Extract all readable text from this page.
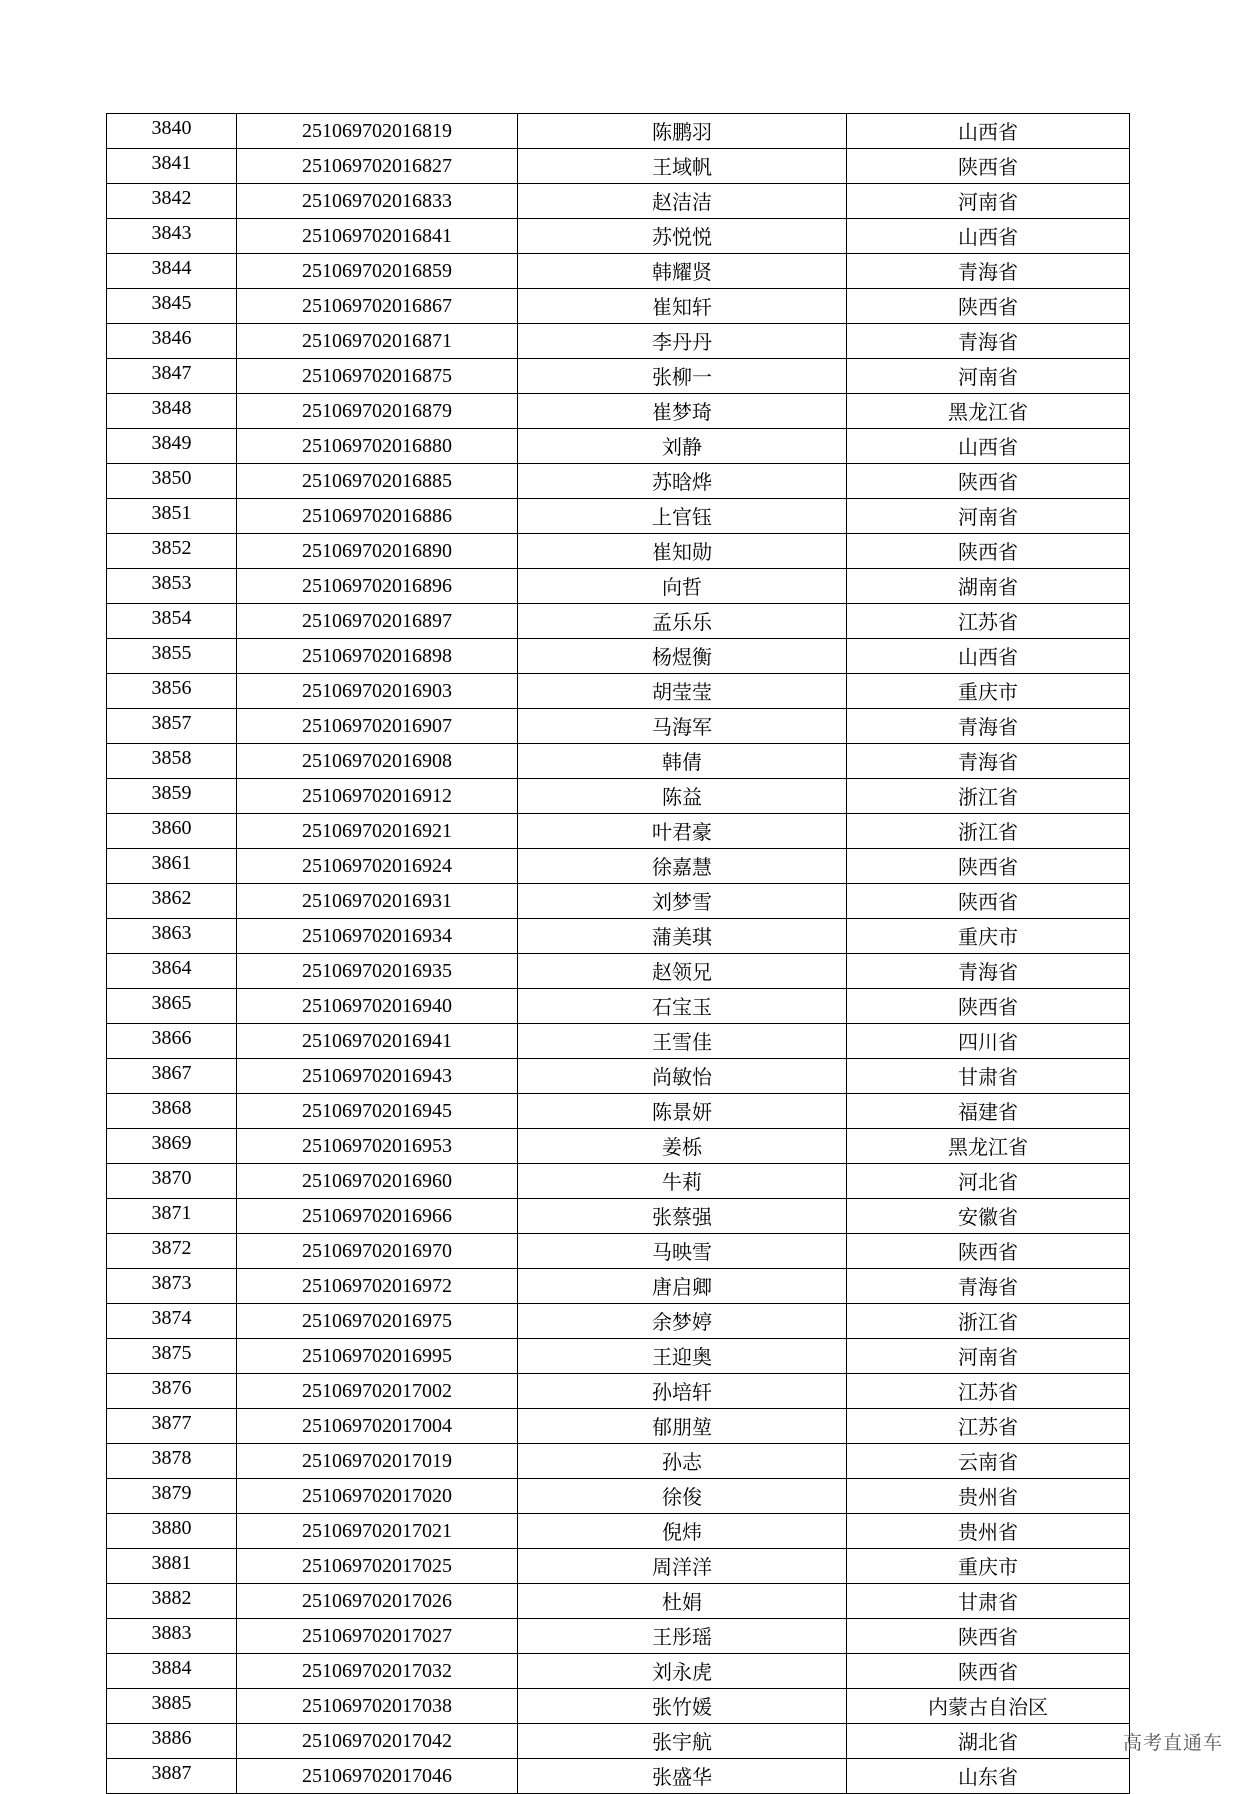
3840	251069702016819	陈鹏羽	山西省
3841	251069702016827	王域帆	陕西省
3842	251069702016833	赵洁洁	河南省
3843	251069702016841	苏悦悦	山西省
3844	251069702016859	韩耀贤	青海省
3845	251069702016867	崔知轩	陕西省
3846	251069702016871	李丹丹	青海省
3847	251069702016875	张柳一	河南省
3848	251069702016879	崔梦琦	黑龙江省
3849	251069702016880	刘静	山西省
3850	251069702016885	苏晗烨	陕西省
3851	251069702016886	上官钰	河南省
3852	251069702016890	崔知勋	陕西省
3853	251069702016896	向哲	湖南省
3854	251069702016897	孟乐乐	江苏省
3855	251069702016898	杨煜衡	山西省
3856	251069702016903	胡莹莹	重庆市
3857	251069702016907	马海军	青海省
3858	251069702016908	韩倩	青海省
3859	251069702016912	陈益	浙江省
3860	251069702016921	叶君豪	浙江省
3861	251069702016924	徐嘉慧	陕西省
3862	251069702016931	刘梦雪	陕西省
3863	251069702016934	蒲美琪	重庆市
3864	251069702016935	赵领兄	青海省
3865	251069702016940	石宝玉	陕西省
3866	251069702016941	王雪佳	四川省
3867	251069702016943	尚敏怡	甘肃省
3868	251069702016945	陈景妍	福建省
3869	251069702016953	姜栎	黑龙江省
3870	251069702016960	牛莉	河北省
3871	251069702016966	张蔡强	安徽省
3872	251069702016970	马映雪	陕西省
3873	251069702016972	唐启卿	青海省
3874	251069702016975	余梦婷	浙江省
3875	251069702016995	王迎奥	河南省
3876	251069702017002	孙培轩	江苏省
3877	251069702017004	郁朋堃	江苏省
3878	251069702017019	孙志	云南省
3879	251069702017020	徐俊	贵州省
3880	251069702017021	倪炜	贵州省
3881	251069702017025	周洋洋	重庆市
3882	251069702017026	杜娟	甘肃省
3883	251069702017027	王彤瑶	陕西省
3884	251069702017032	刘永虎	陕西省
3885	251069702017038	张竹媛	内蒙古自治区
3886	251069702017042	张宇航	湖北省
3887	251069702017046	张盛华	山东省
高考直通车
